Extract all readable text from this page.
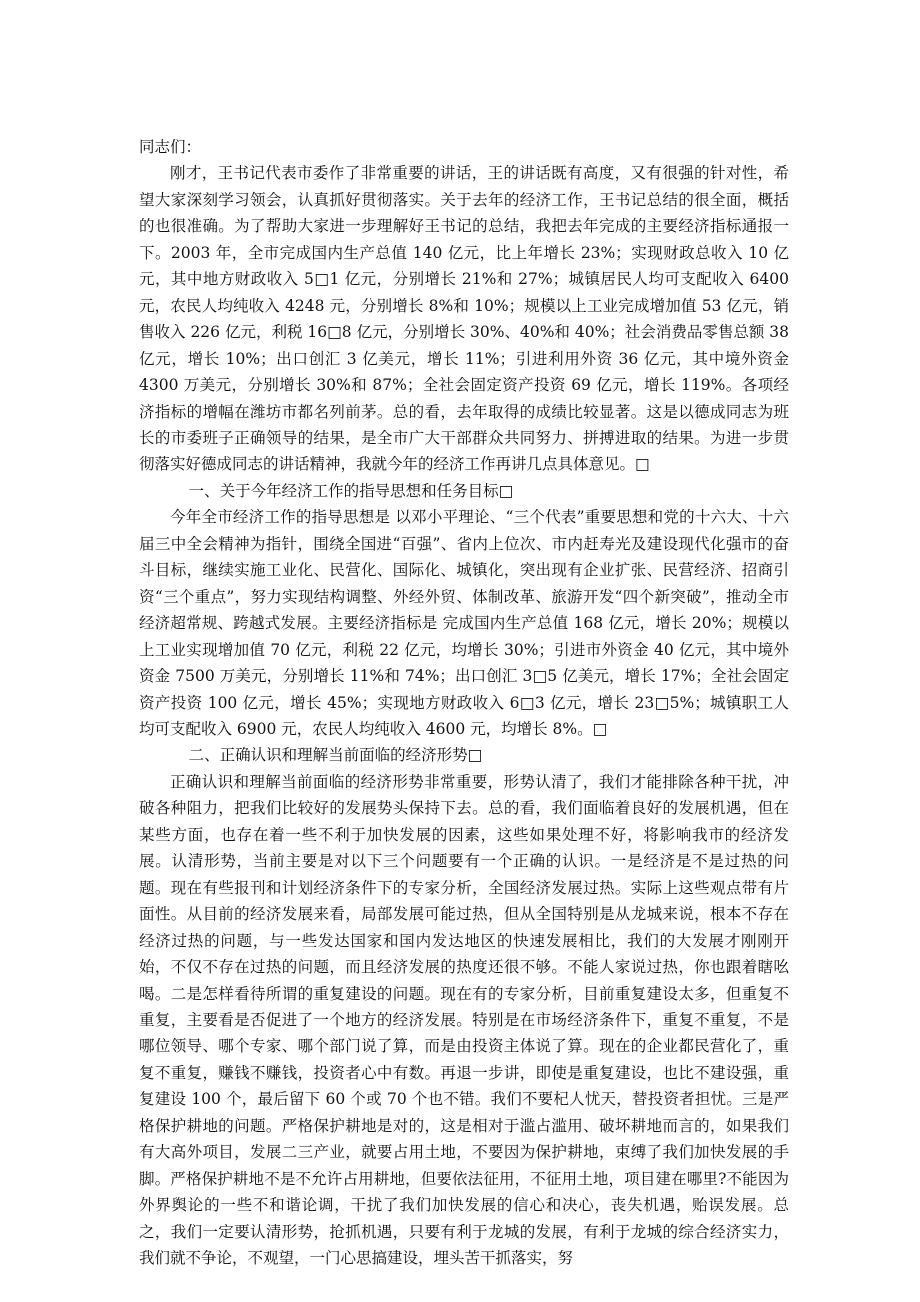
同志们：

刚才，王书记代表市委作了非常重要的讲话，王的讲话既有高度，又有很强的针对性，希望大家深刻学习领会，认真抓好贯彻落实。关于去年的经济工作，王书记总结的很全面，概括的也很准确。为了帮助大家进一步理解好王书记的总结，我把去年完成的主要经济指标通报一下。2003 年，全市完成国内生产总值 140 亿元，比上年增长 23%；实现财政总收入 10 亿元，其中地方财政收入 5□1 亿元，分别增长 21%和 27%；城镇居民人均可支配收入 6400 元，农民人均纯收入 4248 元，分别增长 8%和 10%；规模以上工业完成增加值 53 亿元，销售收入 226 亿元，利税 16□8 亿元，分别增长 30%、40%和 40%；社会消费品零售总额 38 亿元，增长 10%；出口创汇 3 亿美元，增长 11%；引进利用外资 36 亿元，其中境外资金 4300 万美元，分别增长 30%和 87%；全社会固定资产投资 69 亿元，增长 119%。各项经济指标的增幅在潍坊市都名列前茅。总的看，去年取得的成绩比较显著。这是以德成同志为班长的市委班子正确领导的结果，是全市广大干部群众共同努力、拼搏进取的结果。为进一步贯彻落实好德成同志的讲话精神，我就今年的经济工作再讲几点具体意见。□

一、关于今年经济工作的指导思想和任务目标□

今年全市经济工作的指导思想是 以邓小平理论、“三个代表”重要思想和党的十六大、十六届三中全会精神为指针，围绕全国进“百强”、省内上位次、市内赶寿光及建设现代化强市的奋斗目标，继续实施工业化、民营化、国际化、城镇化，突出现有企业扩张、民营经济、招商引资“三个重点”，努力实现结构调整、外经外贸、体制改革、旅游开发“四个新突破”，推动全市经济超常规、跨越式发展。主要经济指标是 完成国内生产总值 168 亿元，增长 20%；规模以上工业实现增加值 70 亿元，利税 22 亿元，均增长 30%；引进市外资金 40 亿元，其中境外资金 7500 万美元，分别增长 11%和 74%；出口创汇 3□5 亿美元，增长 17%；全社会固定资产投资 100 亿元，增长 45%；实现地方财政收入 6□3 亿元，增长 23□5%；城镇职工人均可支配收入 6900 元，农民人均纯收入 4600 元，均增长 8%。□

二、正确认识和理解当前面临的经济形势□

正确认识和理解当前面临的经济形势非常重要，形势认清了，我们才能排除各种干扰，冲破各种阻力，把我们比较好的发展势头保持下去。总的看，我们面临着良好的发展机遇，但在某些方面，也存在着一些不利于加快发展的因素，这些如果处理不好，将影响我市的经济发展。认清形势，当前主要是对以下三个问题要有一个正确的认识。一是经济是不是过热的问题。现在有些报刊和计划经济条件下的专家分析，全国经济发展过热。实际上这些观点带有片面性。从目前的经济发展来看，局部发展可能过热，但从全国特别是从龙城来说，根本不存在经济过热的问题，与一些发达国家和国内发达地区的快速发展相比，我们的大发展才刚刚开始，不仅不存在过热的问题，而且经济发展的热度还很不够。不能人家说过热，你也跟着瞎吆喝。二是怎样看待所谓的重复建设的问题。现在有的专家分析，目前重复建设太多，但重复不重复，主要看是否促进了一个地方的经济发展。特别是在市场经济条件下，重复不重复，不是哪位领导、哪个专家、哪个部门说了算，而是由投资主体说了算。现在的企业都民营化了，重复不重复，赚钱不赚钱，投资者心中有数。再退一步讲，即使是重复建设，也比不建设强，重复建设 100 个，最后留下 60 个或 70 个也不错。我们不要杞人忧天，替投资者担忧。三是严格保护耕地的问题。严格保护耕地是对的，这是相对于滥占滥用、破坏耕地而言的，如果我们有大高外项目，发展二三产业，就要占用土地，不要因为保护耕地，束缚了我们加快发展的手脚。严格保护耕地不是不允许占用耕地，但要依法征用，不征用土地，项目建在哪里?不能因为外界舆论的一些不和谐论调，干扰了我们加快发展的信心和决心，丧失机遇，贻误发展。总之，我们一定要认清形势，抢抓机遇，只要有利于龙城的发展，有利于龙城的综合经济实力，我们就不争论，不观望，一门心思搞建设，埋头苦干抓落实，努
